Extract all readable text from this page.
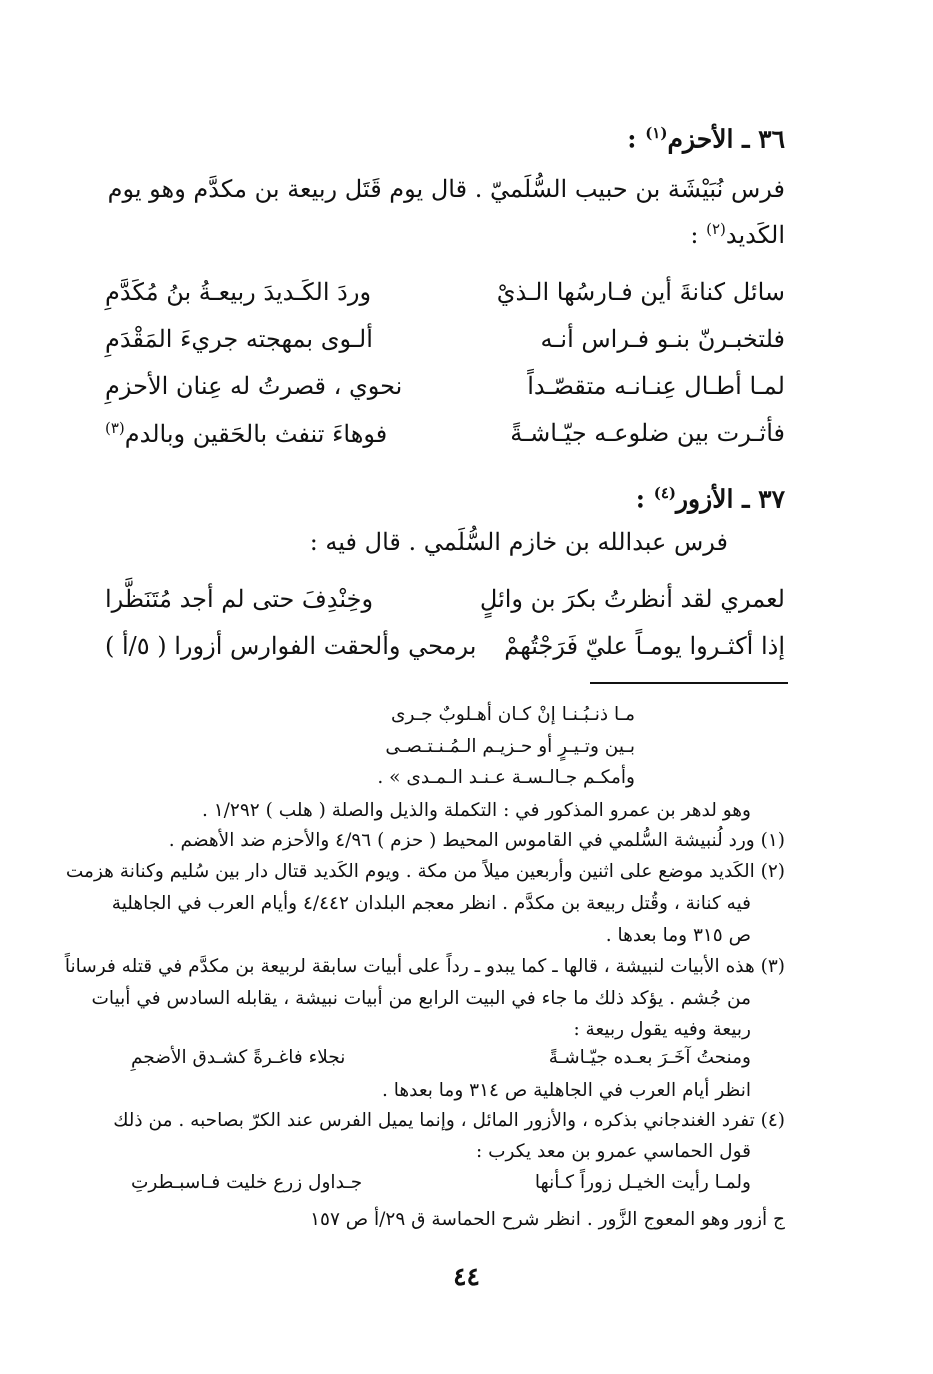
٣٦ ـ الأحزم$^{(١)}$ :
فرس نُبَيْشَة بن حبيب السُّلَميّ . قال يوم قَتَل ربيعة بن مكدَّم وهو يوم
الكَديد$^{(٢)}$ :
سائل كنانةَ أين فـارسُها الـذيْ
وردَ الكَـديدَ ربيعـةُ بنُ مُكَدَّمِ
فلتخبـرنّ بنـو فـراس أنـه
ألـوى بمهجته جريءَ المَقْدَمِ
لمـا أطـال عِنـانـه متقصّـداً
نحوي ، قصرتُ له عِنان الأحزمِ
فأثـرت بين ضلوعـه جيّـاشـةً
فوهاءَ تنفث بالحَقين وبالدم$^{(٣)}$
٣٧ ـ الأزور$^{(٤)}$ :
فرس عبدالله بن خازم السُّلَمي . قال فيه :
لعمري لقد أنظرتُ بكرَ بن وائلٍ
وخِنْدِفَ حتى لم أجد مُتَنَظَّرا
إذا أكثـروا يومـاً عليّ فَرَجْتُهمْ
برمحي وألحقت الفوارس أزورا ( ٥/أ )
مـا ذنـبُـنـا إنْ كـان أهـلوبٌ جـرى
بـين وتـيـرٍ أو حـزيـم الـمُـنـتـصـى
وأمكـم جـالـسـة عـنـد الـمـدى » .
وهو لدهر بن عمرو المذكور في : التكملة والذيل والصلة ( هلب ) ١/٢٩٢ .
(١) ورد لُنبيشة السُّلمي في القاموس المحيط ( حزم ) ٤/٩٦ والأحزم ضد الأهضم .
(٢) الكَديد موضع على اثنين وأربعين ميلاً من مكة . ويوم الكَديد قتال دار بين سُليم وكنانة هزمت
فيه كنانة ، وقُتل ربيعة بن مكدَّم . انظر معجم البلدان ٤/٤٤٢ وأيام العرب في الجاهلية
ص ٣١٥ وما بعدها .
(٣) هذه الأبيات لنبيشة ، قالها ـ كما يبدو ـ رداً على أبيات سابقة لربيعة بن مكدَّم في قتله فرساناً
من جُشم . يؤكد ذلك ما جاء في البيت الرابع من أبيات نبيشة ، يقابله السادس في أبيات
ربيعة وفيه يقول ربيعة :
ومنحتُ آخَـرَ بعـده جيّـاشـةً
نجلاء فاغـرةً كشـدق الأضجمِ
انظر أيام العرب في الجاهلية ص ٣١٤ وما بعدها .
(٤) تفرد الغندجاني بذكره ، والأزور المائل ، وإنما يميل الفرس عند الكرّ بصاحبه . من ذلك
قول الحماسي عمرو بن معد يكرب :
ولمـا رأيت الخيـل زوراً كـأنها
جـداول زرع خليت فـاسبـطرتِ
ج أزور وهو المعوج الزَّور . انظر شرح الحماسة ق ٢٩/أ ص ١٥٧
٤٤
